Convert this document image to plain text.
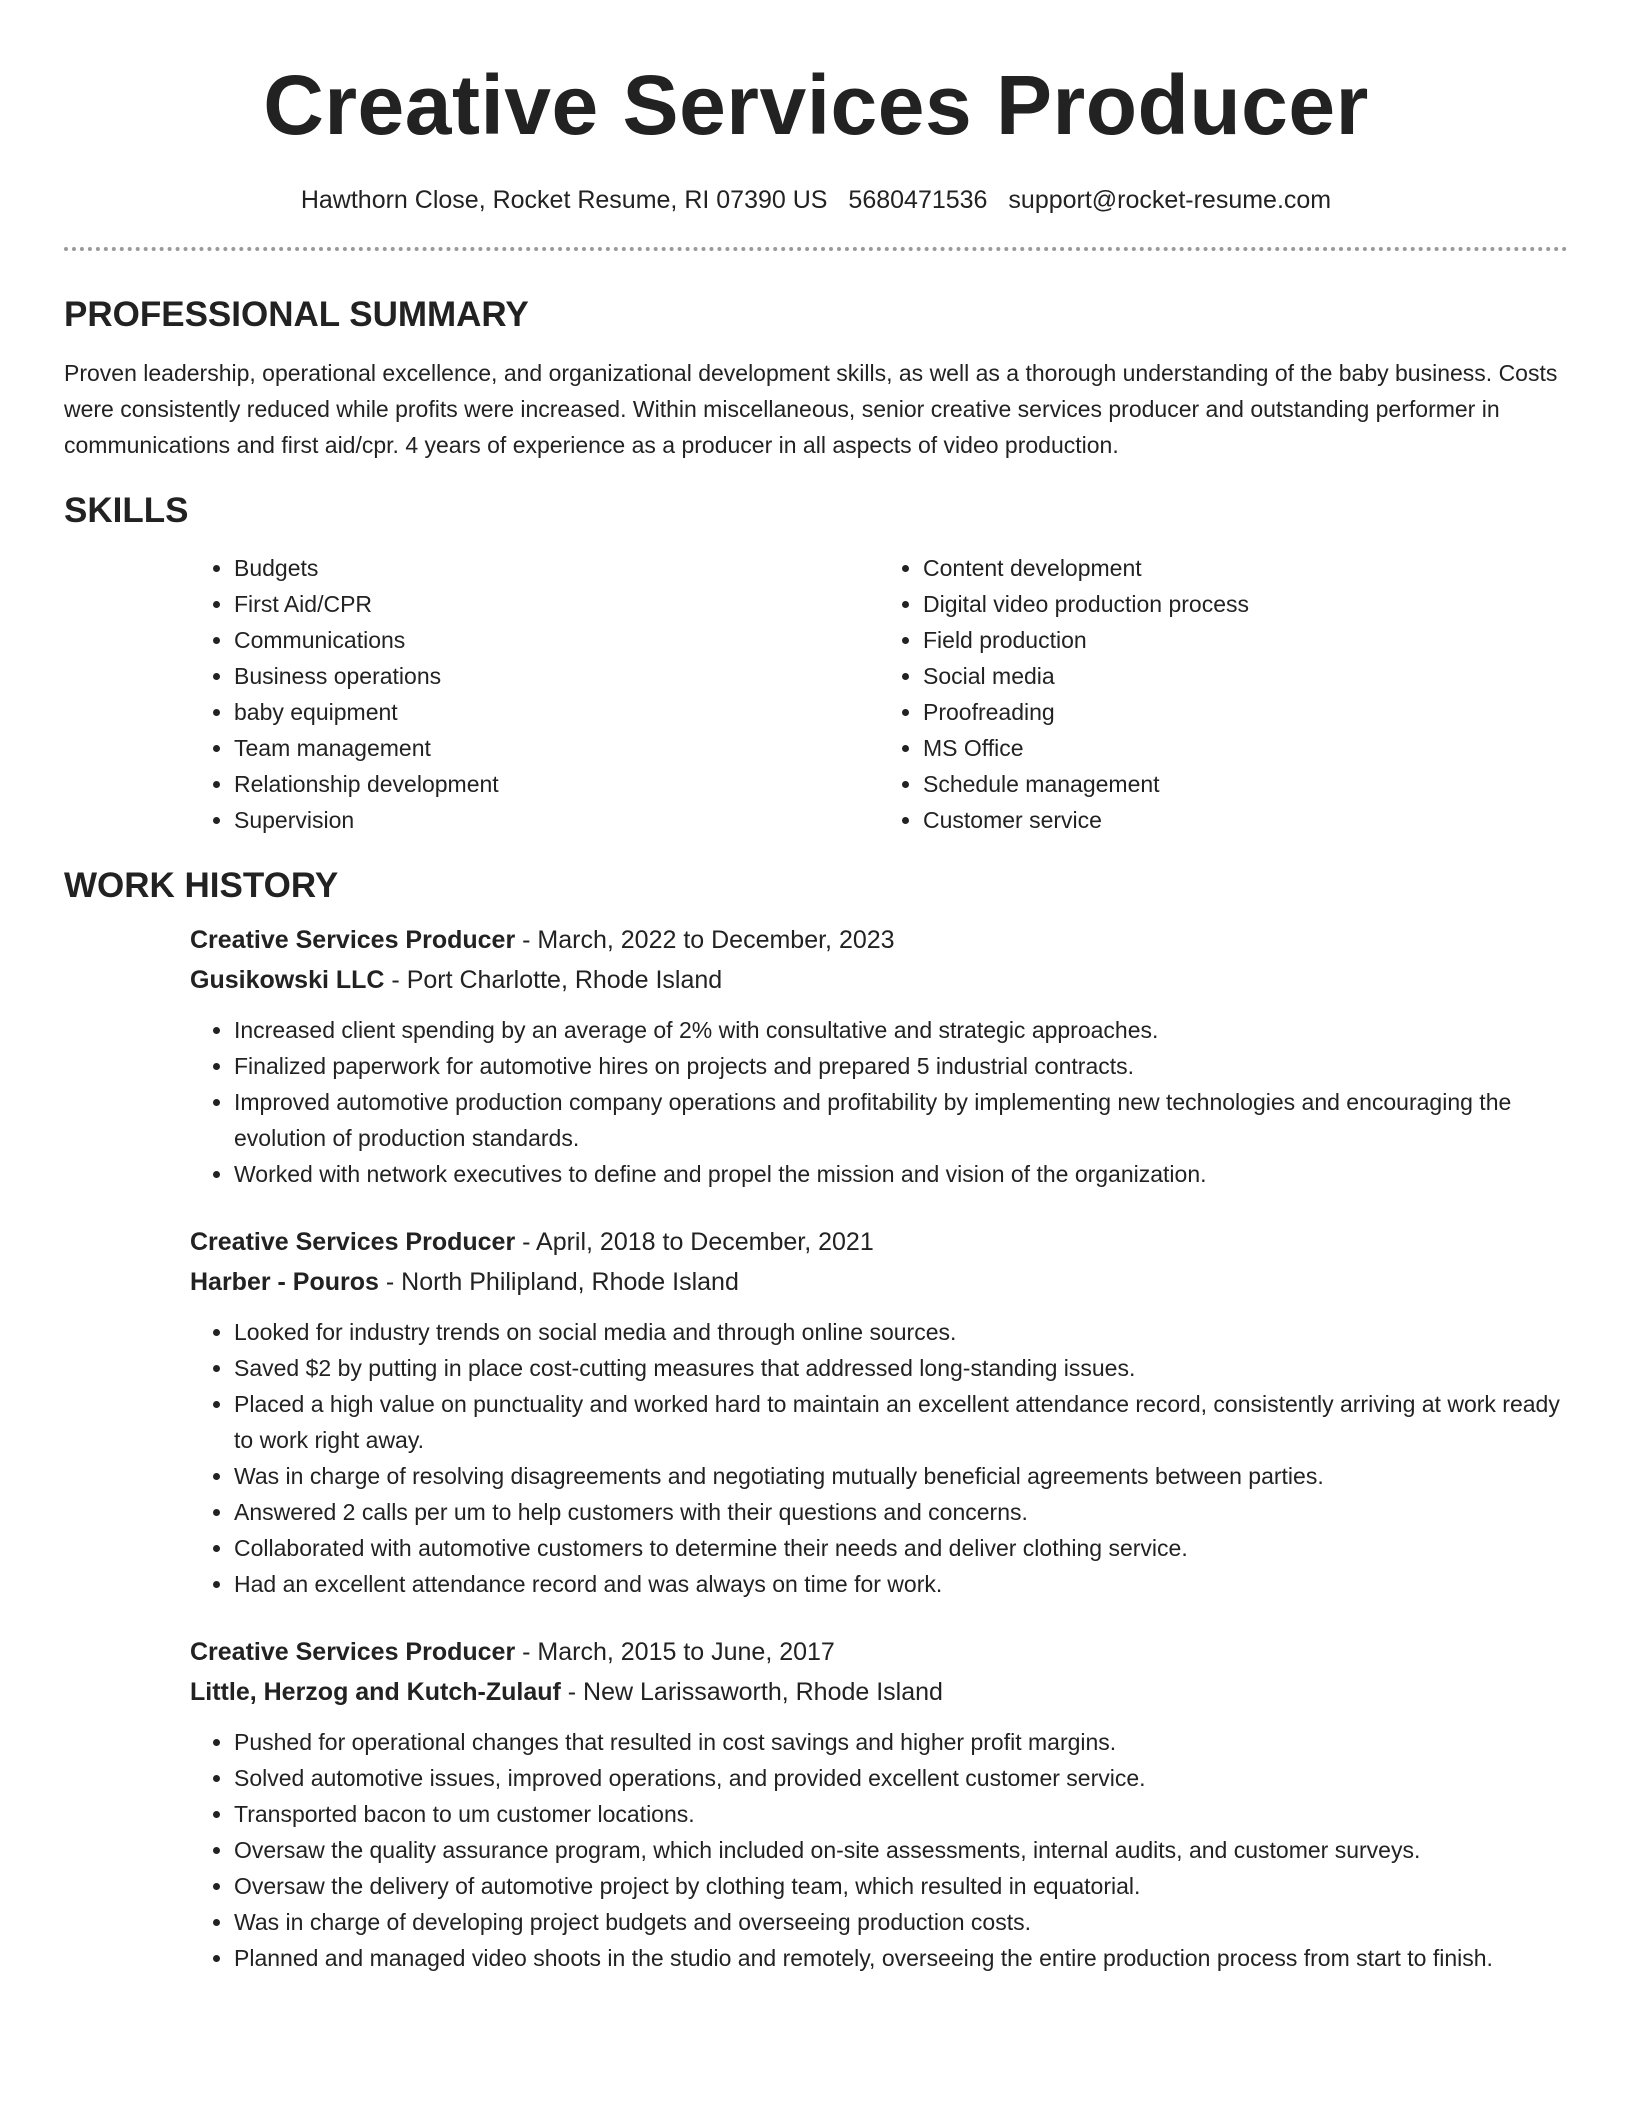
Creative Services Producer
Hawthorn Close, Rocket Resume, RI 07390 US 5680471536 support@rocket-resume.com
PROFESSIONAL SUMMARY

Proven leadership, operational excellence, and organizational development skills, as well as a thorough understanding of the baby business. Costs were consistently reduced while profits were increased. Within miscellaneous, senior creative services producer and outstanding performer in communications and first aid/cpr. 4 years of experience as a producer in all aspects of video production.

SKILLS
• Budgets
• First Aid/CPR
• Communications
• Business operations
• baby equipment
• Team management
• Relationship development
• Supervision
• Content development
• Digital video production process
• Field production
• Social media
• Proofreading
• MS Office
• Schedule management
• Customer service
WORK HISTORY
Creative Services Producer - March, 2022 to December, 2023
Gusikowski LLC - Port Charlotte, Rhode Island
• Increased client spending by an average of 2% with consultative and strategic approaches.
• Finalized paperwork for automotive hires on projects and prepared 5 industrial contracts.
• Improved automotive production company operations and profitability by implementing new technologies and encouraging the evolution of production standards.
• Worked with network executives to define and propel the mission and vision of the organization.
Creative Services Producer - April, 2018 to December, 2021
Harber - Pouros - North Philipland, Rhode Island
• Looked for industry trends on social media and through online sources.
• Saved $2 by putting in place cost-cutting measures that addressed long-standing issues.
• Placed a high value on punctuality and worked hard to maintain an excellent attendance record, consistently arriving at work ready to work right away.
• Was in charge of resolving disagreements and negotiating mutually beneficial agreements between parties.
• Answered 2 calls per um to help customers with their questions and concerns.
• Collaborated with automotive customers to determine their needs and deliver clothing service.
• Had an excellent attendance record and was always on time for work.
Creative Services Producer - March, 2015 to June, 2017
Little, Herzog and Kutch-Zulauf - New Larissaworth, Rhode Island
• Pushed for operational changes that resulted in cost savings and higher profit margins.
• Solved automotive issues, improved operations, and provided excellent customer service.
• Transported bacon to um customer locations.
• Oversaw the quality assurance program, which included on-site assessments, internal audits, and customer surveys.
• Oversaw the delivery of automotive project by clothing team, which resulted in equatorial.
• Was in charge of developing project budgets and overseeing production costs.
• Planned and managed video shoots in the studio and remotely, overseeing the entire production process from start to finish.
